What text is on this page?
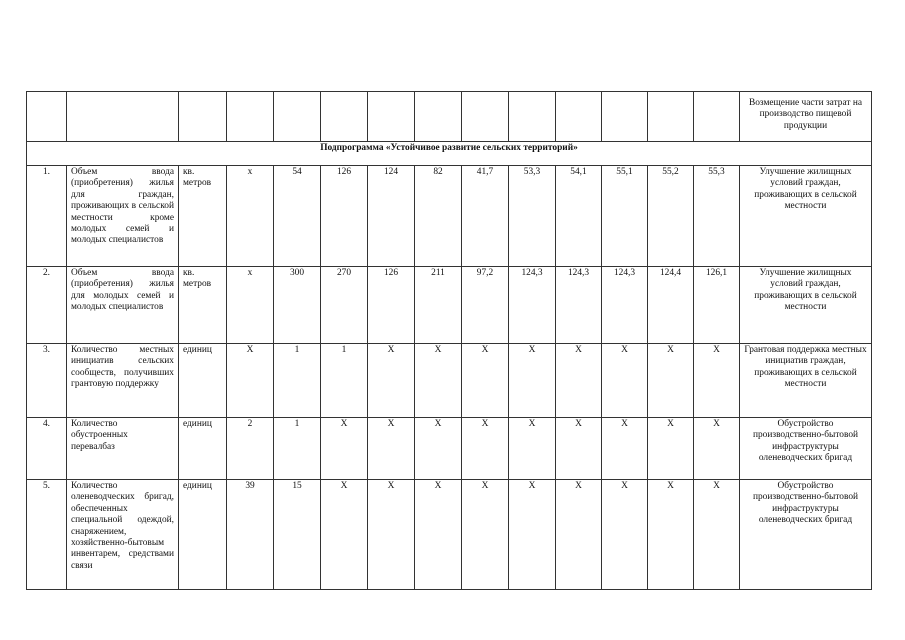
														Возмещение части затрат на производство пищевой продукции
Подпрограмма «Устойчивое развитие сельских территорий»														
1.	Объем ввода (приобретения) жилья для граждан, проживающих в сельской местности кроме молодых семей и молодых специалистов	кв. метров	х	54	126	124	82	41,7	53,3	54,1	55,1	55,2	55,3	Улучшение жилищных условий граждан, проживающих в сельской местности
2.	Объем ввода (приобретения) жилья для молодых семей и молодых специалистов	кв. метров	х	300	270	126	211	97,2	124,3	124,3	124,3	124,4	126,1	Улучшение жилищных условий граждан, проживающих в сельской местности
3.	Количество местных инициатив сельских сообществ, получивших грантовую поддержку	единиц	Х	1	1	Х	Х	Х	Х	Х	Х	Х	Х	Грантовая поддержка местных инициатив граждан, проживающих в сельской местности
4.	Количество обустроенных перевалбаз	единиц	2	1	Х	Х	Х	Х	Х	Х	Х	Х	Х	Обустройство производственно-бытовой инфраструктуры оленеводческих бригад
5.	Количество оленеводческих бригад, обеспеченных специальной одеждой, снаряжением, хозяйственно-бытовым инвентарем, средствами связи	единиц	39	15	Х	Х	Х	Х	Х	Х	Х	Х	Х	Обустройство производственно-бытовой инфраструктуры оленеводческих бригад
